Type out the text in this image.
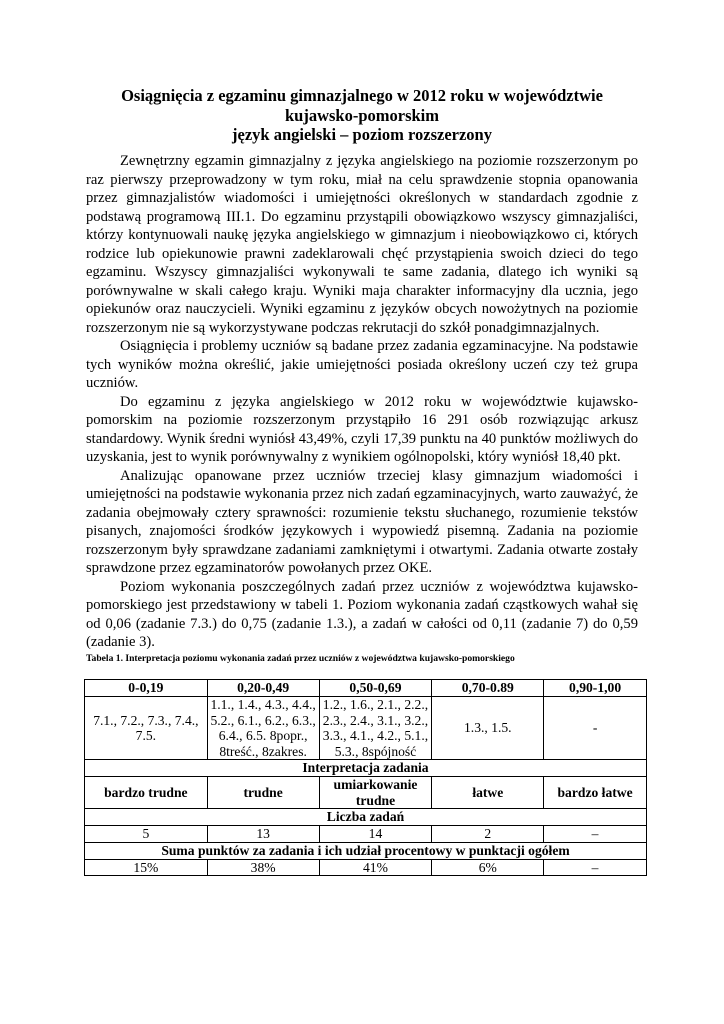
Osiągnięcia z egzaminu gimnazjalnego w 2012 roku w województwie
kujawsko-pomorskim
język angielski – poziom rozszerzony

Zewnętrzny egzamin gimnazjalny z języka angielskiego na poziomie rozszerzonym po raz pierwszy przeprowadzony w tym roku, miał na celu sprawdzenie stopnia opanowania przez gimnazjalistów wiadomości i umiejętności określonych w standardach zgodnie z podstawą programową III.1. Do egzaminu przystąpili obowiązkowo wszyscy gimnazjaliści, którzy kontynuowali naukę języka angielskiego w gimnazjum i nieobowiązkowo ci, których rodzice lub opiekunowie prawni zadeklarowali chęć przystąpienia swoich dzieci do tego egzaminu. Wszyscy gimnazjaliści wykonywali te same zadania, dlatego ich wyniki są porównywalne w skali całego kraju. Wyniki maja charakter informacyjny dla ucznia, jego opiekunów oraz nauczycieli. Wyniki egzaminu z języków obcych nowożytnych na poziomie rozszerzonym nie są wykorzystywane podczas rekrutacji do szkół ponadgimnazjalnych.

Osiągnięcia i problemy uczniów są badane przez zadania egzaminacyjne. Na podstawie tych wyników można określić, jakie umiejętności posiada określony uczeń czy też grupa uczniów.

Do egzaminu z języka angielskiego w 2012 roku w województwie kujawsko-pomorskim na poziomie rozszerzonym przystąpiło 16 291 osób rozwiązując arkusz standardowy. Wynik średni wyniósł 43,49%, czyli 17,39 punktu na 40 punktów możliwych do uzyskania, jest to wynik porównywalny z wynikiem ogólnopolski, który wyniósł 18,40 pkt.

Analizując opanowane przez uczniów trzeciej klasy gimnazjum wiadomości i umiejętności na podstawie wykonania przez nich zadań egzaminacyjnych, warto zauważyć, że zadania obejmowały cztery sprawności: rozumienie tekstu słuchanego, rozumienie tekstów pisanych, znajomości środków językowych i wypowiedź pisemną. Zadania na poziomie rozszerzonym były sprawdzane zadaniami zamkniętymi i otwartymi. Zadania otwarte zostały sprawdzone przez egzaminatorów powołanych przez OKE.

Poziom wykonania poszczególnych zadań przez uczniów z województwa kujawsko-pomorskiego jest przedstawiony w tabeli 1. Poziom wykonania zadań cząstkowych wahał się od 0,06 (zadanie 7.3.) do 0,75 (zadanie 1.3.), a zadań w całości od 0,11 (zadanie 7) do 0,59 (zadanie 3).

Tabela 1. Interpretacja poziomu wykonania zadań przez uczniów z województwa kujawsko-pomorskiego
0-0,19	0,20-0,49	0,50-0,69	0,70-0.89	0,90-1,00
7.1., 7.2., 7.3., 7.4., 7.5.	1.1., 1.4., 4.3., 4.4., 5.2., 6.1., 6.2., 6.3., 6.4., 6.5. 8popr., 8treść., 8zakres.	1.2., 1.6., 2.1., 2.2., 2.3., 2.4., 3.1., 3.2., 3.3., 4.1., 4.2., 5.1., 5.3., 8spójność	1.3., 1.5.	-
Interpretacja zadania				
bardzo trudne	trudne	umiarkowanie trudne	łatwe	bardzo łatwe
Liczba zadań				
5	13	14	2	–
Suma punktów za zadania i ich udział procentowy w punktacji ogółem				
15%	38%	41%	6%	–
